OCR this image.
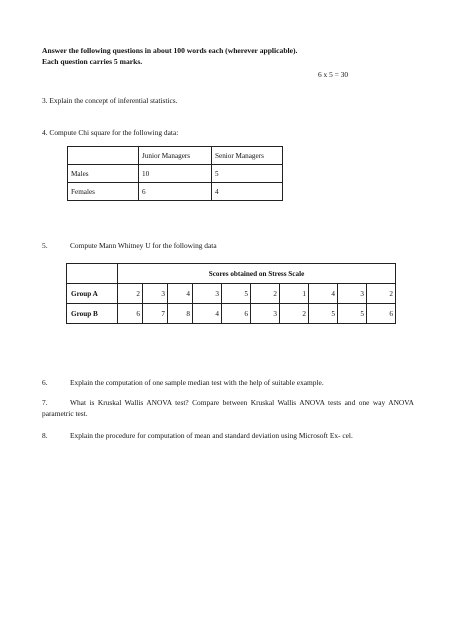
Answer the following questions in about 100 words each (wherever applicable).
Each question carries 5 marks.
6 x 5 = 30
3. Explain the concept of inferential statistics.
4. Compute Chi square for the following data:
	Junior Managers	Senior Managers
Males	10	5
Females	6	4
5.	Compute Mann Whitney U for the following data
	Scores obtained on Stress Scale									
Group A	2	3	4	3	5	2	1	4	3	2
Group B	6	7	8	4	6	3	2	5	5	6
6.	Explain the computation of one sample median test with the help of suitable example.
7.	What is Kruskal Wallis ANOVA test? Compare between Kruskal Wallis ANOVA tests and one way ANOVA parametric test.
8.	Explain the procedure for computation of mean and standard deviation using Microsoft Ex- cel.
